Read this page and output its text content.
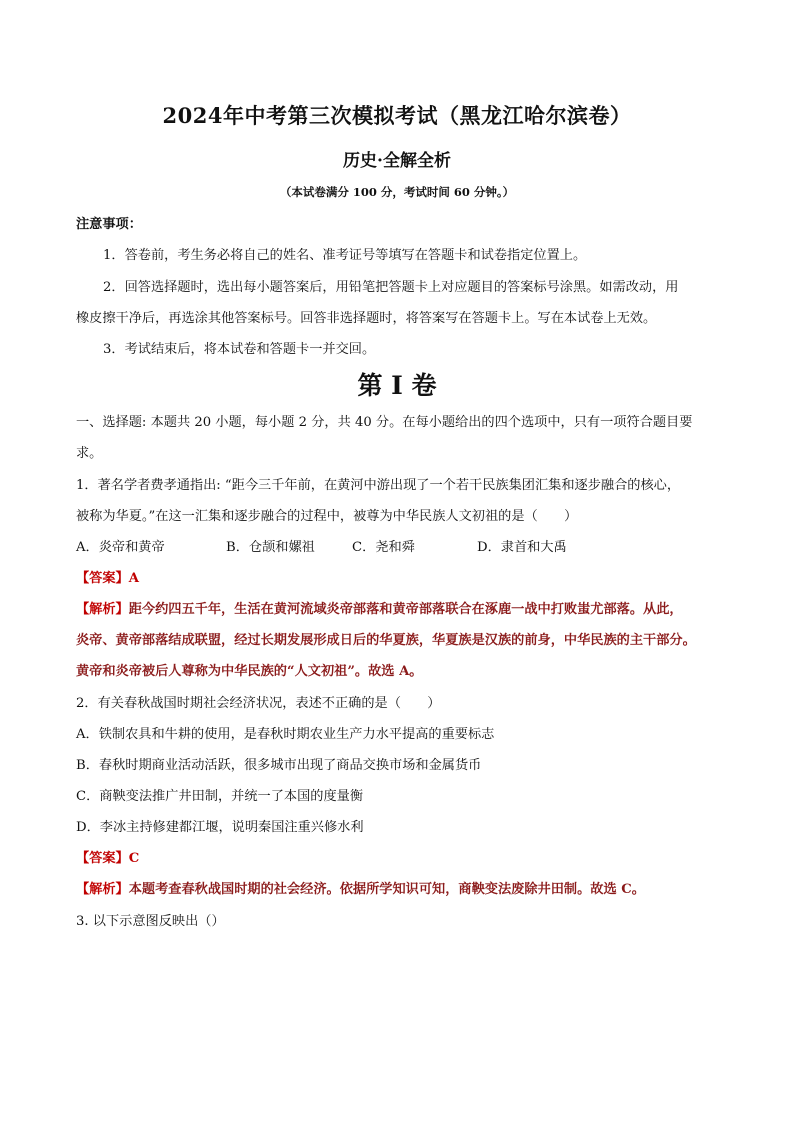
2024年中考第三次模拟考试（黑龙江哈尔滨卷）
历史·全解全析
（本试卷满分 100 分，考试时间 60 分钟。）
注意事项：
1．答卷前，考生务必将自己的姓名、准考证号等填写在答题卡和试卷指定位置上。
2．回答选择题时，选出每小题答案后，用铅笔把答题卡上对应题目的答案标号涂黑。如需改动，用
橡皮擦干净后，再选涂其他答案标号。回答非选择题时，将答案写在答题卡上。写在本试卷上无效。
3．考试结束后，将本试卷和答题卡一并交回。
第 I 卷
一、选择题: 本题共 20 小题，每小题 2 分，共 40 分。在每小题给出的四个选项中，只有一项符合题目要
求。
1．著名学者费孝通指出: “距今三千年前，在黄河中游出现了一个若干民族集团汇集和逐步融合的核心，
被称为华夏。”在这一汇集和逐步融合的过程中，被尊为中华民族人文初祖的是（　　）
A．炎帝和黄帝	B．仓颉和嫘祖	C．尧和舜	D．隶首和大禹
【答案】A
【解析】距今约四五千年，生活在黄河流域炎帝部落和黄帝部落联合在涿鹿一战中打败蚩尤部落。从此，
炎帝、黄帝部落结成联盟，经过长期发展形成日后的华夏族，华夏族是汉族的前身，中华民族的主干部分。
黄帝和炎帝被后人尊称为中华民族的“人文初祖”。故选 A。
2．有关春秋战国时期社会经济状况，表述不正确的是（　　）
A．铁制农具和牛耕的使用，是春秋时期农业生产力水平提高的重要标志
B．春秋时期商业活动活跃，很多城市出现了商品交换市场和金属货币
C．商鞅变法推广井田制，并统一了本国的度量衡
D．李冰主持修建都江堰，说明秦国注重兴修水利
【答案】C
【解析】本题考查春秋战国时期的社会经济。依据所学知识可知，商鞅变法废除井田制。故选 C。
3. 以下示意图反映出（）
